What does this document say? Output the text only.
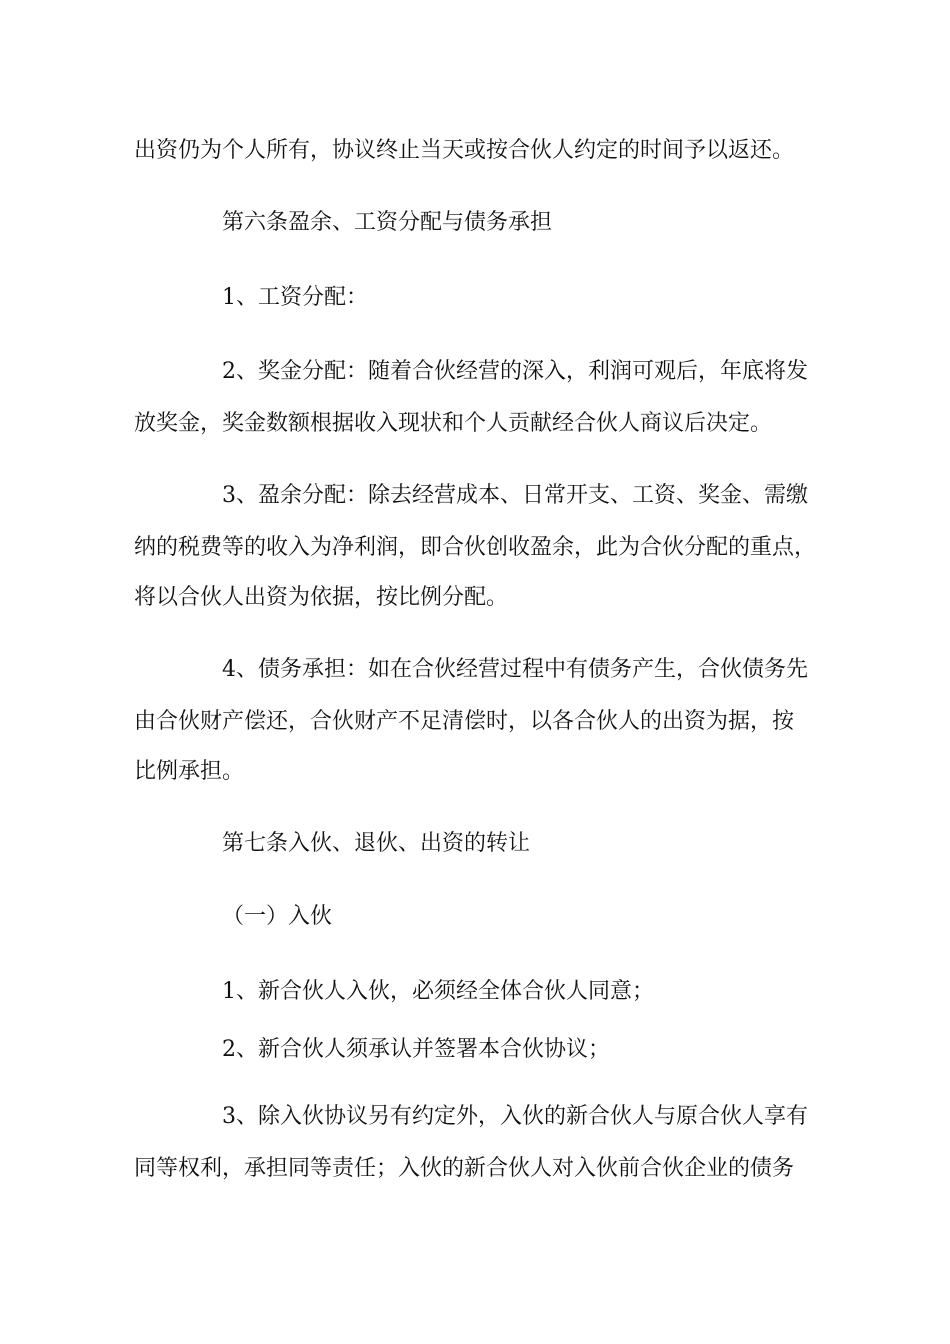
出资仍为个人所有，协议终止当天或按合伙人约定的时间予以返还。
第六条盈余、工资分配与债务承担
1、工资分配：
2、奖金分配：随着合伙经营的深入，利润可观后，年底将发
放奖金，奖金数额根据收入现状和个人贡献经合伙人商议后决定。
3、盈余分配：除去经营成本、日常开支、工资、奖金、需缴
纳的税费等的收入为净利润，即合伙创收盈余，此为合伙分配的重点，
将以合伙人出资为依据，按比例分配。
4、债务承担：如在合伙经营过程中有债务产生，合伙债务先
由合伙财产偿还，合伙财产不足清偿时，以各合伙人的出资为据，按
比例承担。
第七条入伙、退伙、出资的转让
（一）入伙
1、新合伙人入伙，必须经全体合伙人同意；
2、新合伙人须承认并签署本合伙协议；
3、除入伙协议另有约定外，入伙的新合伙人与原合伙人享有
同等权利，承担同等责任；入伙的新合伙人对入伙前合伙企业的债务
